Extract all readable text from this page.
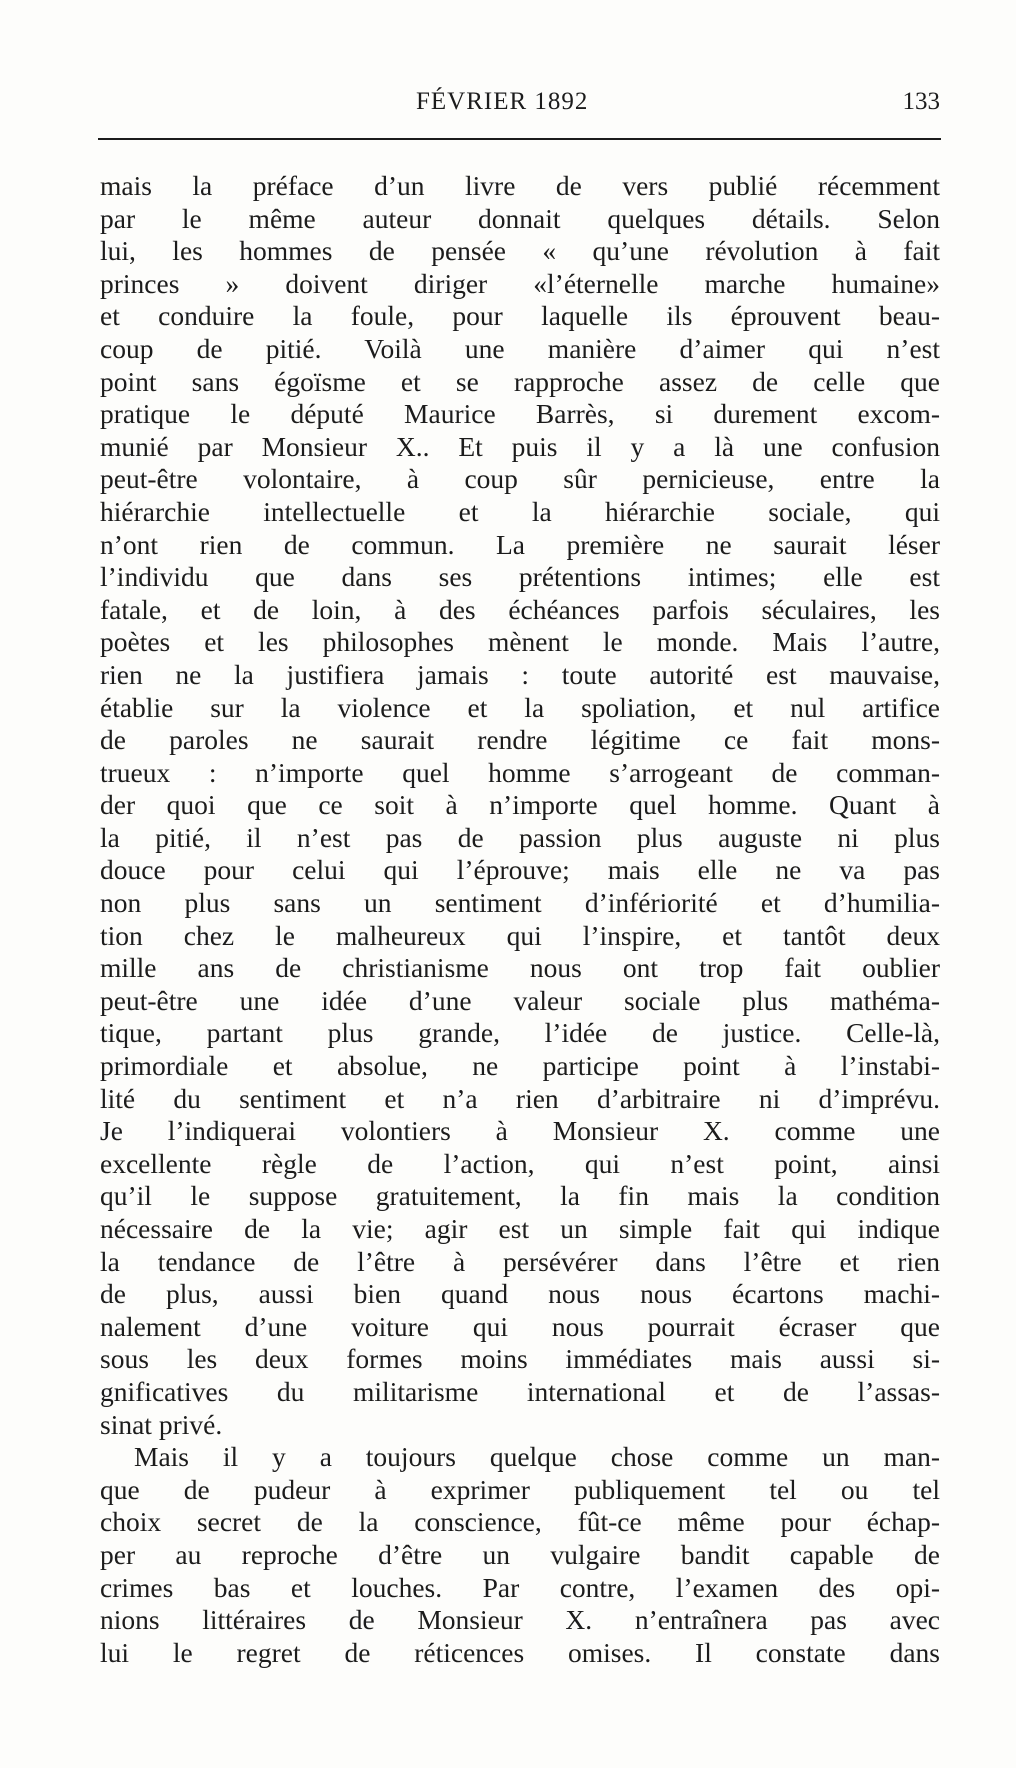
FÉVRIER 1892	133
mais la préface d’un livre de vers publié récemment
par le même auteur donnait quelques détails. Selon
lui, les hommes de pensée « qu’une révolution à fait
princes » doivent diriger «l’éternelle marche humaine»
et conduire la foule, pour laquelle ils éprouvent beau-
coup de pitié. Voilà une manière d’aimer qui n’est
point sans égoïsme et se rapproche assez de celle que
pratique le député Maurice Barrès, si durement excom-
munié par Monsieur X.. Et puis il y a là une confusion
peut-être volontaire, à coup sûr pernicieuse, entre la
hiérarchie intellectuelle et la hiérarchie sociale, qui
n’ont rien de commun. La première ne saurait léser
l’individu que dans ses prétentions intimes; elle est
fatale, et de loin, à des échéances parfois séculaires, les
poètes et les philosophes mènent le monde. Mais l’autre,
rien ne la justifiera jamais : toute autorité est mauvaise,
établie sur la violence et la spoliation, et nul artifice
de paroles ne saurait rendre légitime ce fait mons-
trueux : n’importe quel homme s’arrogeant de comman-
der quoi que ce soit à n’importe quel homme. Quant à
la pitié, il n’est pas de passion plus auguste ni plus
douce pour celui qui l’éprouve; mais elle ne va pas
non plus sans un sentiment d’infériorité et d’humilia-
tion chez le malheureux qui l’inspire, et tantôt deux
mille ans de christianisme nous ont trop fait oublier
peut-être une idée d’une valeur sociale plus mathéma-
tique, partant plus grande, l’idée de justice. Celle-là,
primordiale et absolue, ne participe point à l’instabi-
lité du sentiment et n’a rien d’arbitraire ni d’imprévu.
Je l’indiquerai volontiers à Monsieur X. comme une
excellente règle de l’action, qui n’est point, ainsi
qu’il le suppose gratuitement, la fin mais la condition
nécessaire de la vie; agir est un simple fait qui indique
la tendance de l’être à persévérer dans l’être et rien
de plus, aussi bien quand nous nous écartons machi-
nalement d’une voiture qui nous pourrait écraser que
sous les deux formes moins immédiates mais aussi si-
gnificatives du militarisme international et de l’assas-
sinat privé.
Mais il y a toujours quelque chose comme un man-
que de pudeur à exprimer publiquement tel ou tel
choix secret de la conscience, fût-ce même pour échap-
per au reproche d’être un vulgaire bandit capable de
crimes bas et louches. Par contre, l’examen des opi-
nions littéraires de Monsieur X. n’entraînera pas avec
lui le regret de réticences omises. Il constate dans
